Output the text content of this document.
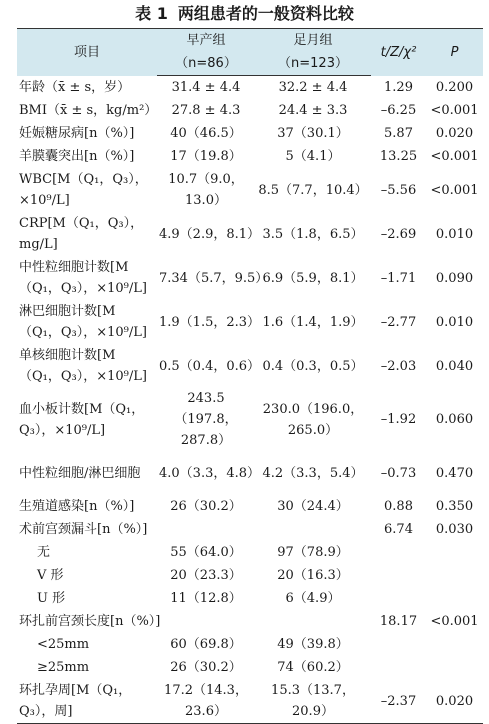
表 1 两组患者的一般资料比较
项目	早产组	足月组	t/Z/χ²	P
	（n=86）	（n=123）		
年龄（x̄ ± s，岁）	31.4 ± 4.4	32.2 ± 4.4	1.29	0.200
BMI（x̄ ± s，kg/m²）	27.8 ± 4.3	24.4 ± 3.3	–6.25	<0.001
妊娠糖尿病[n（%）]	40（46.5）	37（30.1）	5.87	0.020
羊膜囊突出[n（%）]	17（19.8）	5（4.1）	13.25	<0.001
WBC[M（Q₁，Q₃），×10⁹/L]	10.7（9.0，13.0）	8.5（7.7，10.4）	–5.56	<0.001
CRP[M（Q₁，Q₃），mg/L]	4.9（2.9，8.1）	3.5（1.8，6.5）	–2.69	0.010
中性粒细胞计数[M（Q₁，Q₃），×10⁹/L]	7.34（5.7，9.5）	6.9（5.9，8.1）	–1.71	0.090
淋巴细胞计数[M（Q₁，Q₃），×10⁹/L]	1.9（1.5，2.3）	1.6（1.4，1.9）	–2.77	0.010
单核细胞计数[M（Q₁，Q₃），×10⁹/L]	0.5（0.4，0.6）	0.4（0.3，0.5）	–2.03	0.040
血小板计数[M（Q₁，Q₃），×10⁹/L]	243.5（197.8，287.8）	230.0（196.0，265.0）	–1.92	0.060
中性粒细胞/淋巴细胞	4.0（3.3，4.8）	4.2（3.3，5.4）	–0.73	0.470
生殖道感染[n（%）]	26（30.2）	30（24.4）	0.88	0.350
术前宫颈漏斗[n（%）]			6.74	0.030
无	55（64.0）	97（78.9）		
V 形	20（23.3）	20（16.3）		
U 形	11（12.8）	6（4.9）		
环扎前宫颈长度[n（%）]			18.17	<0.001
<25mm	60（69.8）	49（39.8）		
≥25mm	26（30.2）	74（60.2）		
环扎孕周[M（Q₁，Q₃），周]	17.2（14.3，23.6）	15.3（13.7，20.9）	–2.37	0.020
